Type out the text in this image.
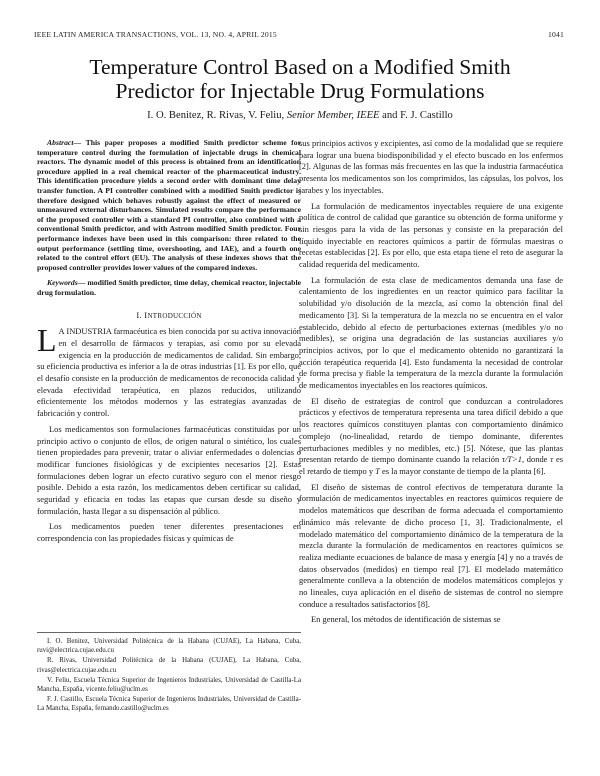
IEEE LATIN AMERICA TRANSACTIONS, VOL. 13, NO. 4, APRIL 2015	1041
Temperature Control Based on a Modified Smith
Predictor for Injectable Drug Formulations
I. O. Benitez, R. Rivas, V. Feliu, Senior Member, IEEE and F. J. Castillo
Abstract— This paper proposes a modified Smith predictor scheme for temperature control during the formulation of injectable drugs in chemical reactors. The dynamic model of this process is obtained from an identification procedure applied in a real chemical reactor of the pharmaceutical industry. This identification procedure yields a second order with dominant time delay transfer function. A PI controller combined with a modified Smith predictor is therefore designed which behaves robustly against the effect of measured or unmeasured external disturbances. Simulated results compare the performance of the proposed controller with a standard PI controller, also combined with a conventional Smith predictor, and with Astrom modified Smith predictor. Four performance indexes have been used in this comparison: three related to the output performance (settling time, overshooting, and IAE), and a fourth one related to the control effort (EU). The analysis of these indexes shows that the proposed controller provides lower values of the compared indexes.
Keywords— modified Smith predictor, time delay, chemical reactor, injectable drug formulation.
I. INTRODUCCIÓN

L A INDUSTRIA farmacéutica es bien conocida por su activa innovación en el desarrollo de fármacos y terapias, así como por su elevada exigencia en la producción de medicamentos de calidad. Sin embargo, su eficiencia productiva es inferior a la de otras industrias [1]. Es por ello, que el desafío consiste en la producción de medicamentos de reconocida calidad y elevada efectividad terapéutica, en plazos reducidos, utilizando eficientemente los métodos modernos y las estrategias avanzadas de fabricación y control.

Los medicamentos son formulaciones farmacéuticas constituidas por un principio activo o conjunto de ellos, de origen natural o sintético, los cuales tienen propiedades para prevenir, tratar o aliviar enfermedades o dolencias o modificar funciones fisiológicas y de excipientes necesarios [2]. Estas formulaciones deben lograr un efecto curativo seguro con el menor riesgo posible. Debido a esta razón, los medicamentos deben certificar su calidad, seguridad y eficacia en todas las etapas que cursan desde su diseño y formulación, hasta llegar a su dispensación al público.

Los medicamentos pueden tener diferentes presentaciones en correspondencia con las propiedades físicas y químicas de

I. O. Benitez, Universidad Politécnica de la Habana (CUJAE), La Habana, Cuba, ruvi@electrica.cujae.edu.cu
R. Rivas, Universidad Politécnica de la Habana (CUJAE), La Habana, Cuba, rivas@electrica.cujae.edu.cu
V. Feliu, Escuela Técnica Superior de Ingenieros Industriales, Universidad de Castilla-La Mancha, España, vicente.feliu@uclm.es
F. J. Castillo, Escuela Técnica Superior de Ingenieros Industriales, Universidad de Castilla-La Mancha, España, fernando.castillo@uclm.es

sus principios activos y excipientes, así como de la modalidad que se requiere para lograr una buena biodisponibilidad y el efecto buscado en los enfermos [2]. Algunas de las formas más frecuentes en las que la industria farmacéutica presenta los medicamentos son los comprimidos, las cápsulas, los polvos, los jarabes y los inyectables.

La formulación de medicamentos inyectables requiere de una exigente política de control de calidad que garantice su obtención de forma uniforme y sin riesgos para la vida de las personas y consiste en la preparación del líquido inyectable en reactores químicos a partir de fórmulas maestras o recetas establecidas [2]. Es por ello, que esta etapa tiene el reto de asegurar la calidad requerida del medicamento.

La formulación de esta clase de medicamentos demanda una fase de calentamiento de los ingredientes en un reactor químico para facilitar la solubilidad y/o disolución de la mezcla, así como la obtención final del medicamento [3]. Si la temperatura de la mezcla no se encuentra en el valor establecido, debido al efecto de perturbaciones externas (medibles y/o no medibles), se origina una degradación de las sustancias auxiliares y/o principios activos, por lo que el medicamento obtenido no garantizará la acción terapéutica requerida [4]. Esto fundamenta la necesidad de controlar de forma precisa y fiable la temperatura de la mezcla durante la formulación de medicamentos inyectables en los reactores químicos.

El diseño de estrategias de control que conduzcan a controladores prácticos y efectivos de temperatura representa una tarea difícil debido a que los reactores químicos constituyen plantas con comportamiento dinámico complejo (no-linealidad, retardo de tiempo dominante, diferentes perturbaciones medibles y no medibles, etc.) [5]. Nótese, que las plantas presentan retardo de tiempo dominante cuando la relación τ/T>1, donde τ es el retardo de tiempo y T es la mayor constante de tiempo de la planta [6].

El diseño de sistemas de control efectivos de temperatura durante la formulación de medicamentos inyectables en reactores químicos requiere de modelos matemáticos que describan de forma adecuada el comportamiento dinámico más relevante de dicho proceso [1, 3]. Tradicionalmente, el modelado matemático del comportamiento dinámico de la temperatura de la mezcla durante la formulación de medicamentos en reactores químicos se realiza mediante ecuaciones de balance de masa y energía [4] y no a través de datos observados (medidos) en tiempo real [7]. El modelado matemático generalmente conlleva a la obtención de modelos matemáticos complejos y no lineales, cuya aplicación en el diseño de sistemas de control no siempre conduce a resultados satisfactorios [8].

En general, los métodos de identificación de sistemas se
